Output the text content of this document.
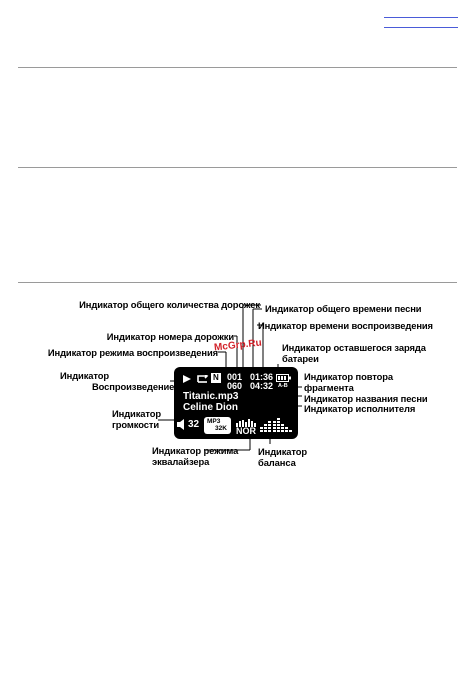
Индикатор общего количества дорожек Индикатор общего времени песни
Индикатор времени воспроизведения
Индикатор номера дорожки
Индикатор режима воспроизведения	Индикатор оставшегося заряда
батареи
Индикатор
Воспроизведение
Индикатор повтора
фрагмента
Индикатор названия песни
Индикатор исполнителя
Индикатор
громкости
Индикатор режима
эквалайзера
Индикатор
баланса
N 001
060
01:36
04:32 A-B
Titanic.mp3
Celine Dion
32 MP3
32K NOR
McGrp.Ru
